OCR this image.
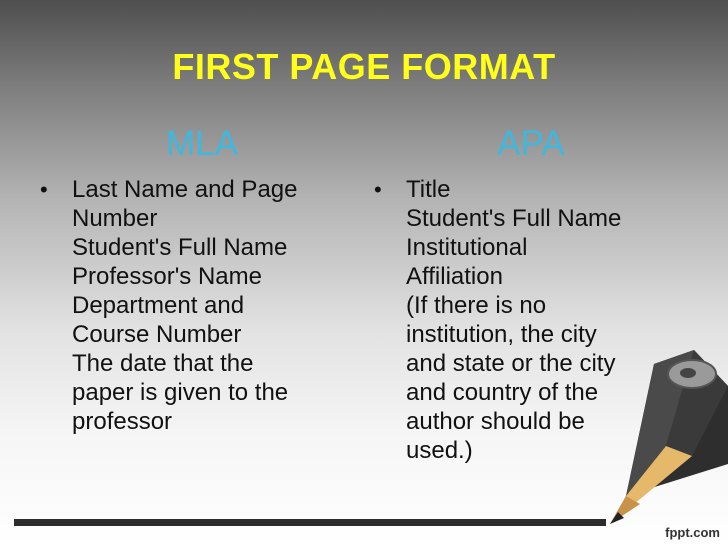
FIRST PAGE FORMAT
MLA	APA
• Last Name and Page
Number
Student's Full Name
Professor's Name
Department and
Course Number
The date that the
paper is given to the
professor
• Title
Student's Full Name
Institutional
Affiliation
(If there is no
institution, the city
and state or the city
and country of the
author should be
used.)
fppt.com
